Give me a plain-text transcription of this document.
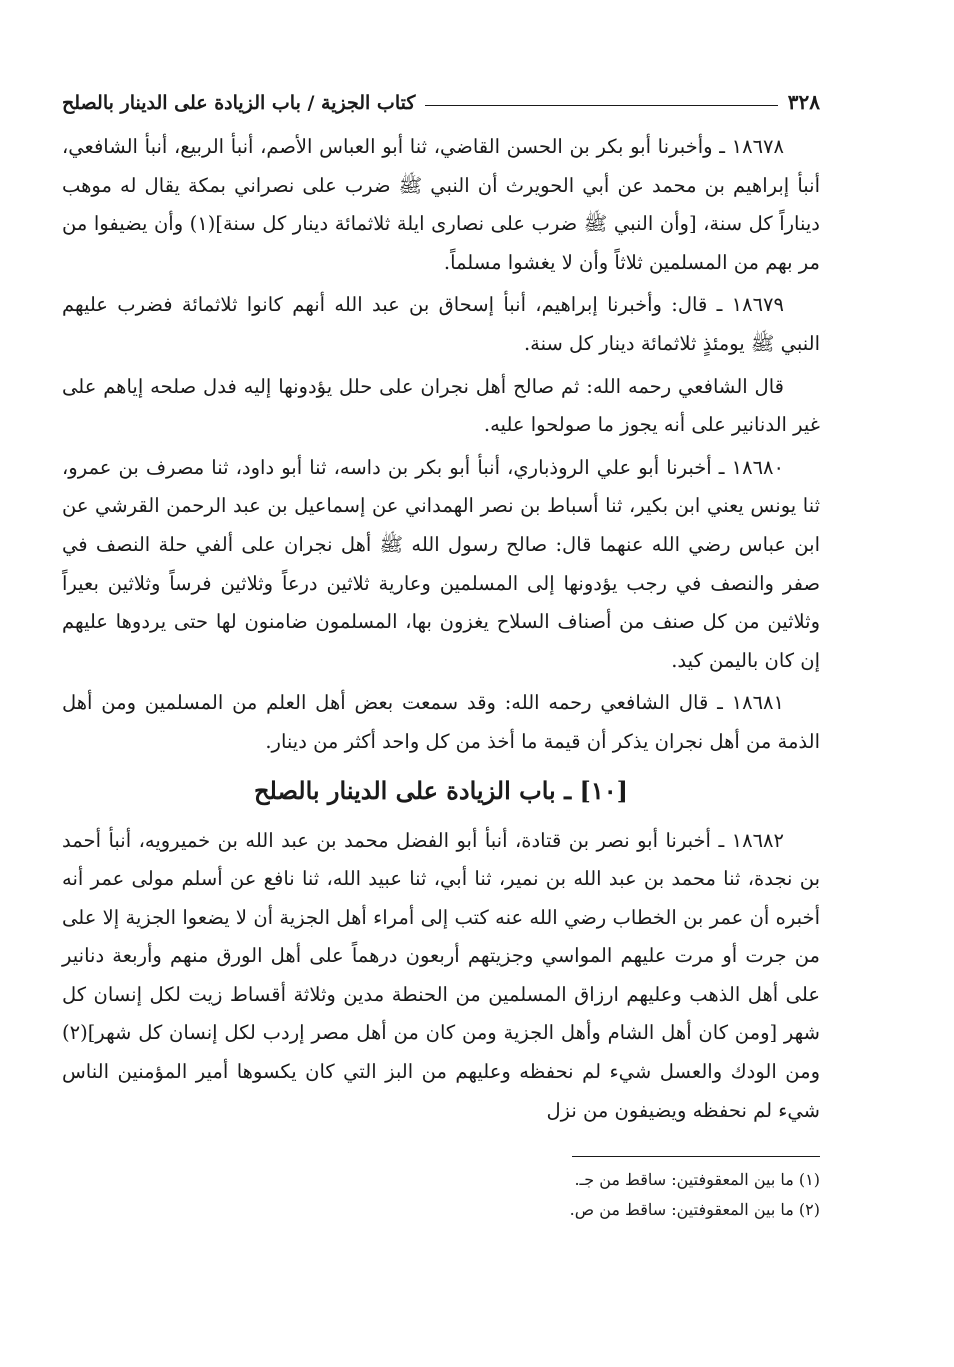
٣٢٨
كتاب الجزية / باب الزيادة على الدينار بالصلح

١٨٦٧٨ ـ وأخبرنا أبو بكر بن الحسن القاضي، ثنا أبو العباس الأصم، أنبأ الربيع، أنبأ الشافعي، أنبأ إبراهيم بن محمد عن أبي الحويرث أن النبي ﷺ ضرب على نصراني بمكة يقال له موهب ديناراً كل سنة، [وأن النبي ﷺ ضرب على نصارى ايلة ثلاثمائة دينار كل سنة](١) وأن يضيفوا من مر بهم من المسلمين ثلاثاً وأن لا يغشوا مسلماً.

١٨٦٧٩ ـ قال: وأخبرنا إبراهيم، أنبأ إسحاق بن عبد الله أنهم كانوا ثلاثمائة فضرب عليهم النبي ﷺ يومئذٍ ثلاثمائة دينار كل سنة.

قال الشافعي رحمه الله: ثم صالح أهل نجران على حلل يؤدونها إليه فدل صلحه إياهم على غير الدنانير على أنه يجوز ما صولحوا عليه.

١٨٦٨٠ ـ أخبرنا أبو علي الروذباري، أنبأ أبو بكر بن داسه، ثنا أبو داود، ثنا مصرف بن عمرو، ثنا يونس يعني ابن بكير، ثنا أسباط بن نصر الهمداني عن إسماعيل بن عبد الرحمن القرشي عن ابن عباس رضي الله عنهما قال: صالح رسول الله ﷺ أهل نجران على ألفي حلة النصف في صفر والنصف في رجب يؤدونها إلى المسلمين وعارية ثلاثين درعاً وثلاثين فرساً وثلاثين بعيراً وثلاثين من كل صنف من أصناف السلاح يغزون بها، المسلمون ضامنون لها حتى يردوها عليهم إن كان باليمن كيد.

١٨٦٨١ ـ قال الشافعي رحمه الله: وقد سمعت بعض أهل العلم من المسلمين ومن أهل الذمة من أهل نجران يذكر أن قيمة ما أخذ من كل واحد أكثر من دينار.

[١٠] ـ باب الزيادة على الدينار بالصلح

١٨٦٨٢ ـ أخبرنا أبو نصر بن قتادة، أنبأ أبو الفضل محمد بن عبد الله بن خميرويه، أنبأ أحمد بن نجدة، ثنا محمد بن عبد الله بن نمير، ثنا أبي، ثنا عبيد الله، ثنا نافع عن أسلم مولى عمر أنه أخبره أن عمر بن الخطاب رضي الله عنه كتب إلى أمراء أهل الجزية أن لا يضعوا الجزية إلا على من جرت أو مرت عليهم المواسي وجزيتهم أربعون درهماً على أهل الورق منهم وأربعة دنانير على أهل الذهب وعليهم ارزاق المسلمين من الحنطة مدين وثلاثة أقساط زيت لكل إنسان كل شهر [ومن كان أهل الشام وأهل الجزية ومن كان من أهل مصر إردب لكل إنسان كل شهر](٢) ومن الودك والعسل شيء لم نحفظه وعليهم من البز التي كان يكسوها أمير المؤمنين الناس شيء لم نحفظه ويضيفون من نزل

(١) ما بين المعقوفتين: ساقط من جـ.

(٢) ما بين المعقوفتين: ساقط من ص.
